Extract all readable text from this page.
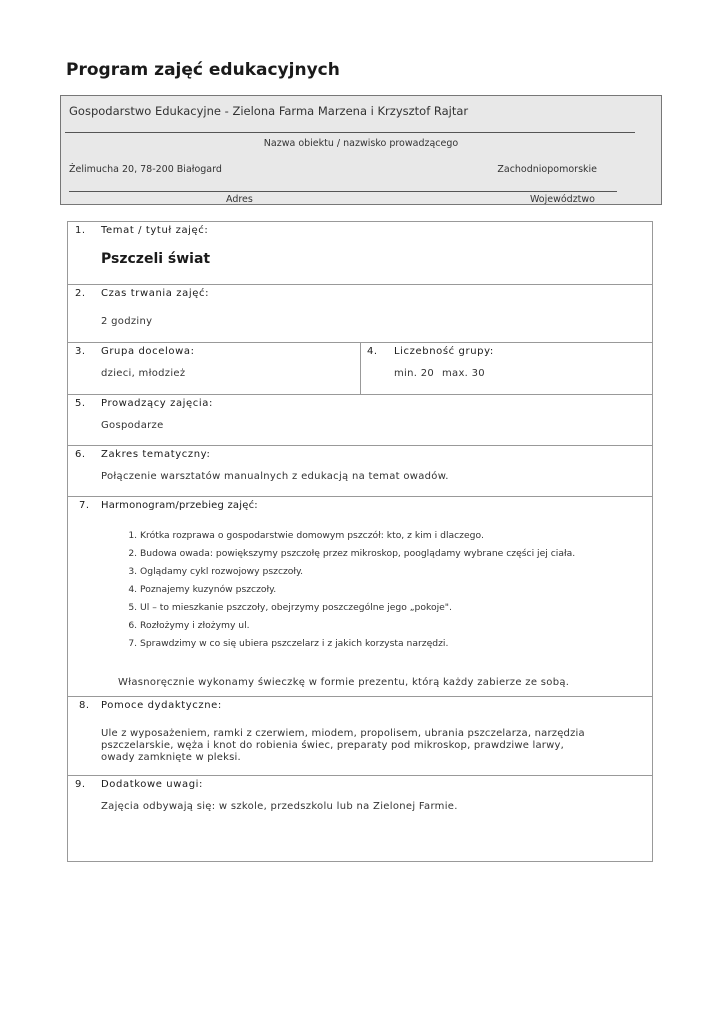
Program zajęć edukacyjnych
Gospodarstwo Edukacyjne - Zielona Farma Marzena i Krzysztof Rajtar
Nazwa obiektu / nazwisko prowadzącego
Żelimucha 20, 78-200 Białogard	Zachodniopomorskie
Adres	Województwo
1. Temat / tytuł zajęć:
Pszczeli świat
2. Czas trwania zajęć:
2 godziny
3. Grupa docelowa:
dzieci, młodzież
4. Liczebność grupy:
min. 20 max. 30
5. Prowadzący zajęcia:
Gospodarze
6. Zakres tematyczny:
Połączenie warsztatów manualnych z edukacją na temat owadów.
7. Harmonogram/przebieg zajęć:
1. Krótka rozprawa o gospodarstwie domowym pszczół: kto, z kim i dlaczego.
2. Budowa owada: powiększymy pszczołę przez mikroskop, pooglądamy wybrane części jej ciała.
3. Oglądamy cykl rozwojowy pszczoły.
4. Poznajemy kuzynów pszczoły.
5. Ul – to mieszkanie pszczoły, obejrzymy poszczególne jego „pokoje".
6. Rozłożymy i złożymy ul.
7. Sprawdzimy w co się ubiera pszczelarz i z jakich korzysta narzędzi.
Własnoręcznie wykonamy świeczkę w formie prezentu, którą każdy zabierze ze sobą.
8. Pomoce dydaktyczne:
Ule z wyposażeniem, ramki z czerwiem, miodem, propolisem, ubrania pszczelarza, narzędzia pszczelarskie, węża i knot do robienia świec, preparaty pod mikroskop, prawdziwe larwy, owady zamknięte w pleksi.
9. Dodatkowe uwagi:
Zajęcia odbywają się: w szkole, przedszkolu lub na Zielonej Farmie.
